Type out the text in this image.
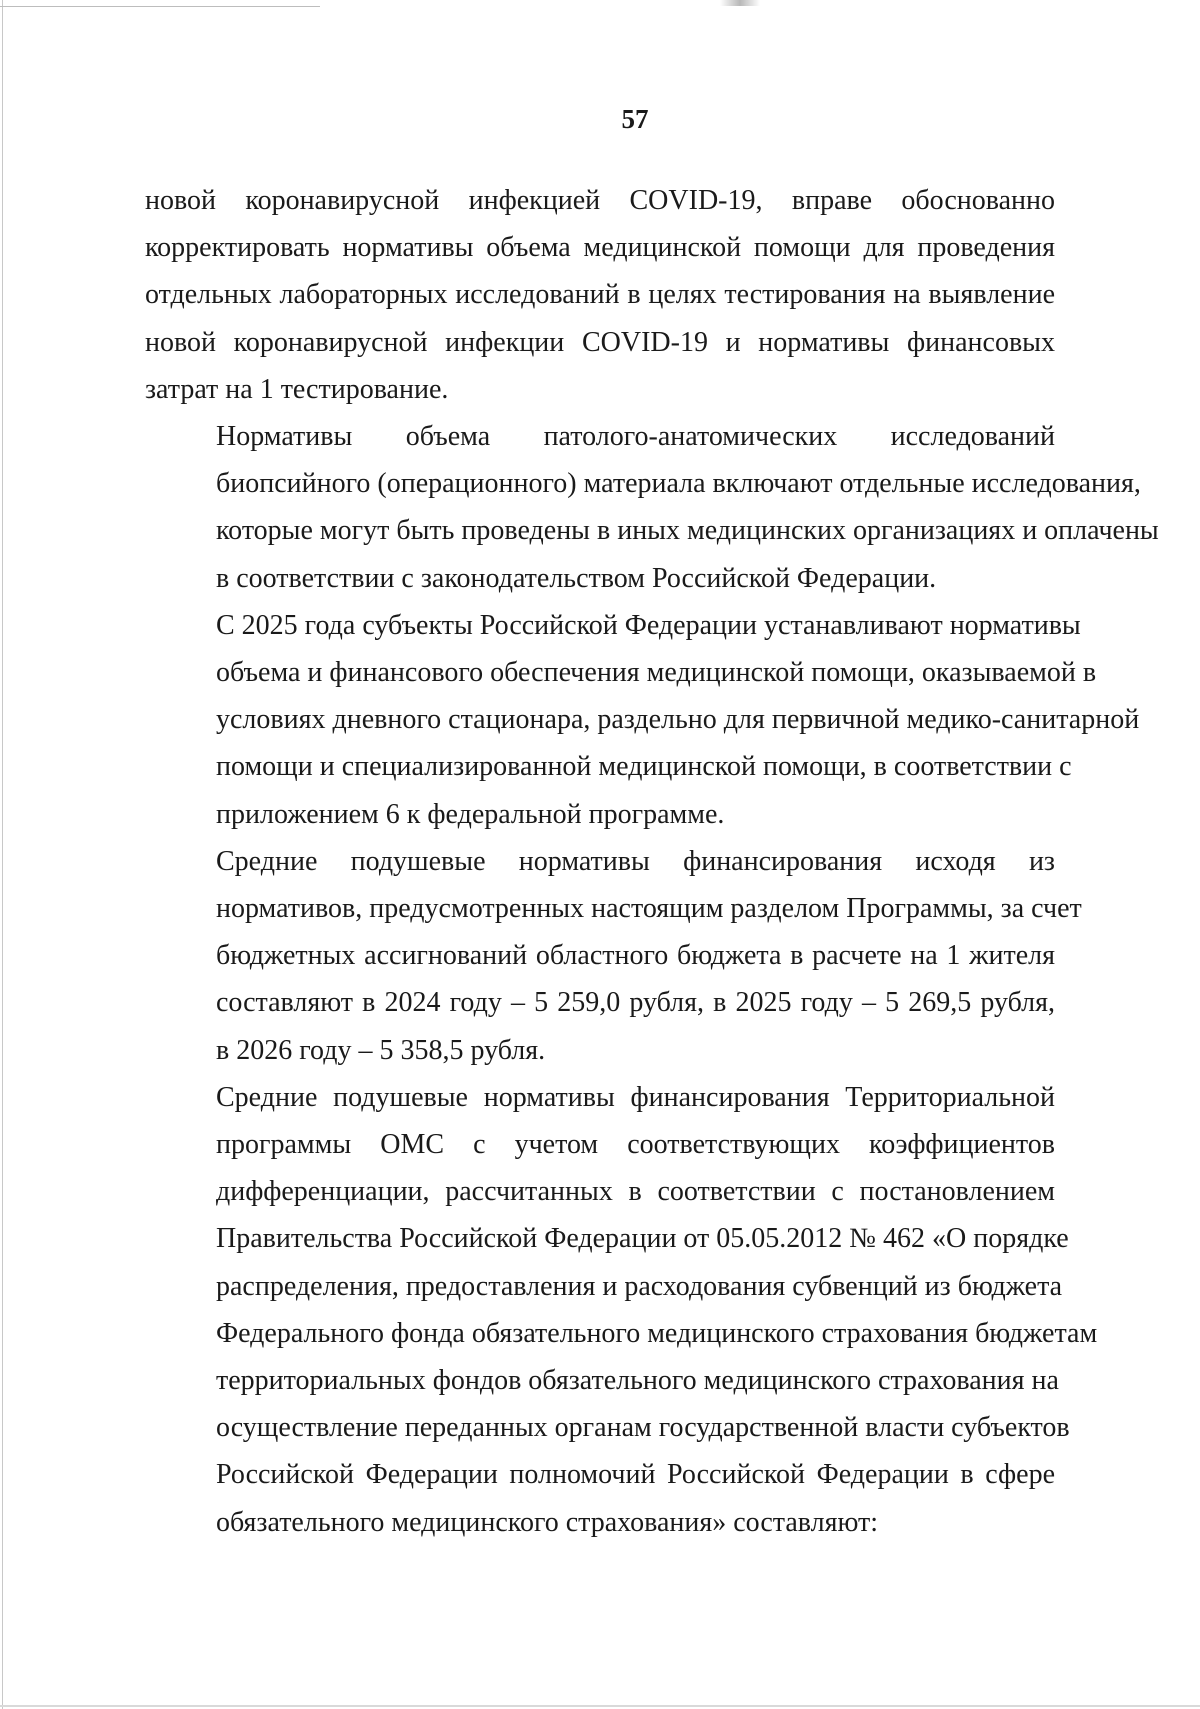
57
новой коронавирусной инфекцией COVID-19, вправе обоснованно
корректировать нормативы объема медицинской помощи для проведения
отдельных лабораторных исследований в целях тестирования на выявление
новой коронавирусной инфекции COVID-19 и нормативы финансовых
затрат на 1 тестирование.
Нормативы объема патолого-анатомических исследований
биопсийного (операционного) материала включают отдельные исследования,
которые могут быть проведены в иных медицинских организациях и оплачены
в соответствии с законодательством Российской Федерации.
С 2025 года субъекты Российской Федерации устанавливают нормативы
объема и финансового обеспечения медицинской помощи, оказываемой в
условиях дневного стационара, раздельно для первичной медико-санитарной
помощи и специализированной медицинской помощи, в соответствии с
приложением 6 к федеральной программе.
Средние подушевые нормативы финансирования исходя из
нормативов, предусмотренных настоящим разделом Программы, за счет
бюджетных ассигнований областного бюджета в расчете на 1 жителя
составляют в 2024 году – 5 259,0 рубля, в 2025 году – 5 269,5 рубля,
в 2026 году – 5 358,5 рубля.
Средние подушевые нормативы финансирования Территориальной
программы ОМС с учетом соответствующих коэффициентов
дифференциации, рассчитанных в соответствии с постановлением
Правительства Российской Федерации от 05.05.2012 № 462 «О порядке
распределения, предоставления и расходования субвенций из бюджета
Федерального фонда обязательного медицинского страхования бюджетам
территориальных фондов обязательного медицинского страхования на
осуществление переданных органам государственной власти субъектов
Российской Федерации полномочий Российской Федерации в сфере
обязательного медицинского страхования» составляют:
